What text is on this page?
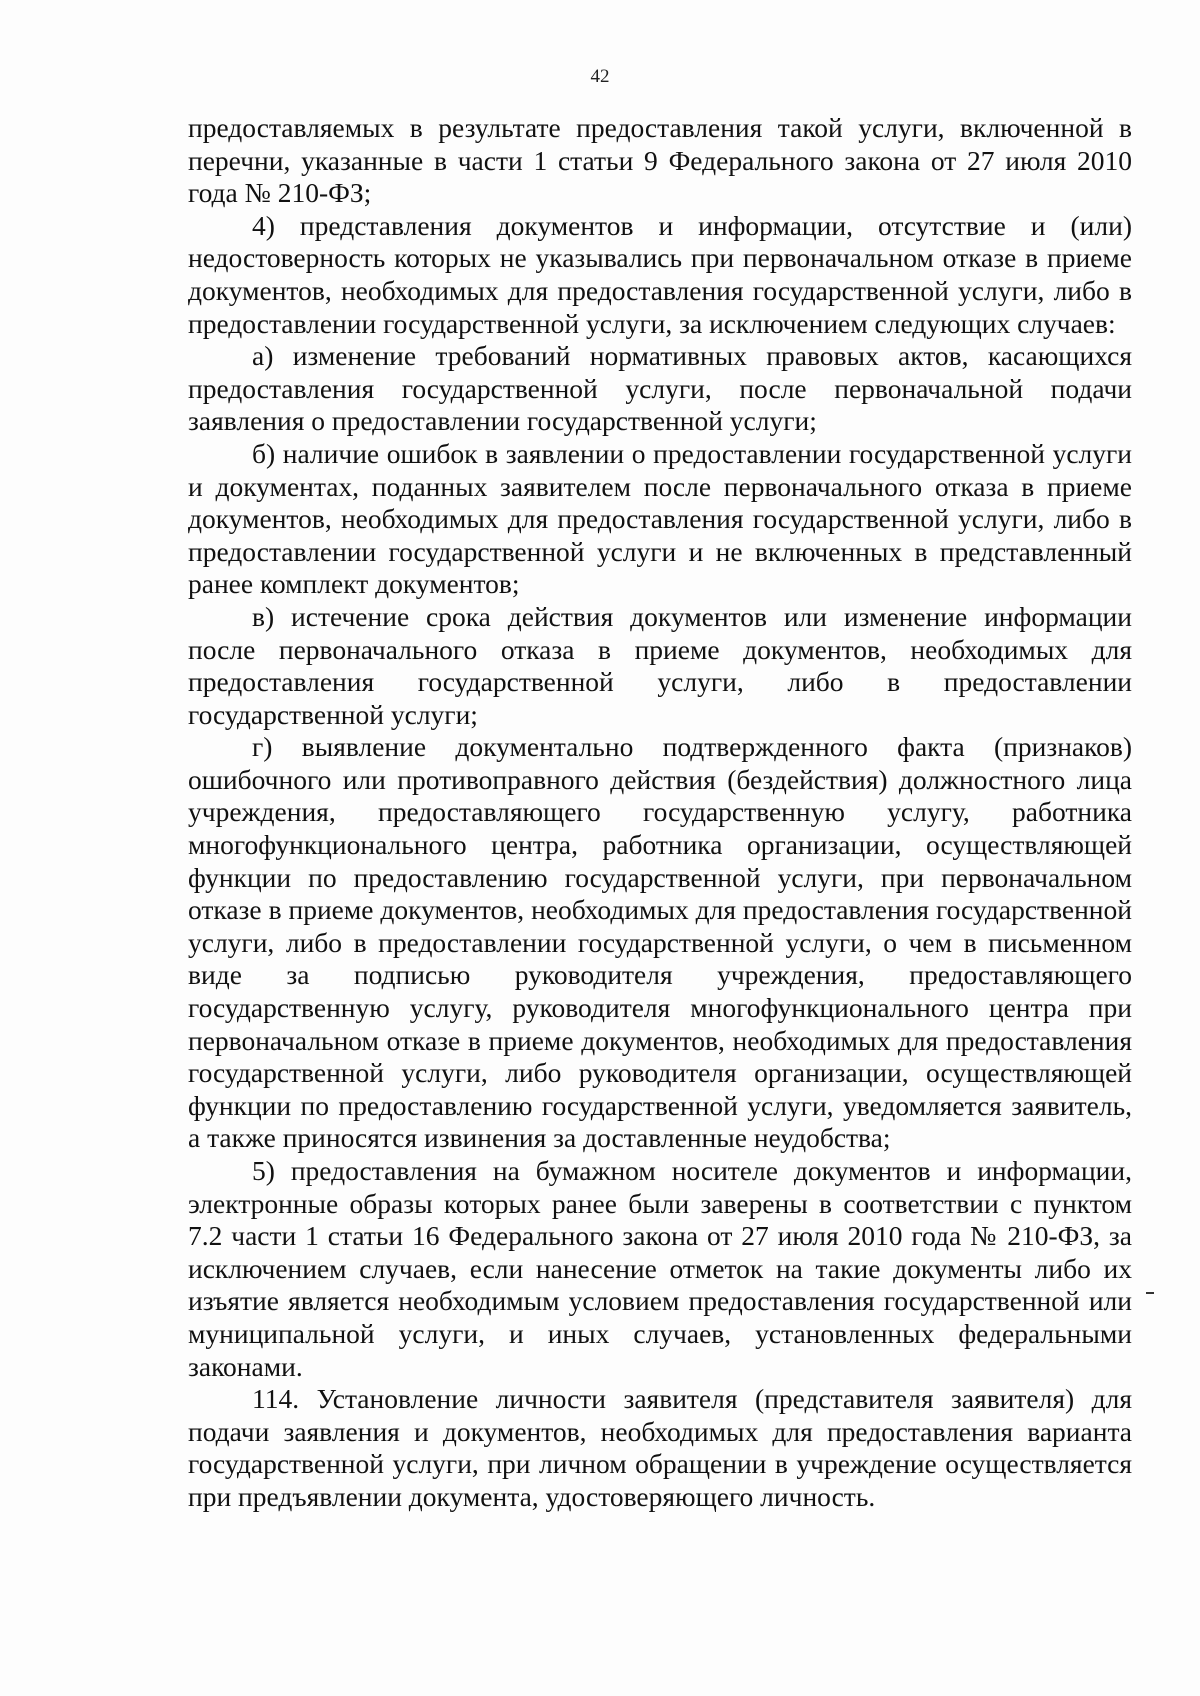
42

предоставляемых в результате предоставления такой услуги, включенной в перечни, указанные в части 1 статьи 9 Федерального закона от 27 июля 2010 года № 210-ФЗ;

4) представления документов и информации, отсутствие и (или) недостоверность которых не указывались при первоначальном отказе в приеме документов, необходимых для предоставления государственной услуги, либо в предоставлении государственной услуги, за исключением следующих случаев:

а) изменение требований нормативных правовых актов, касающихся предоставления государственной услуги, после первоначальной подачи заявления о предоставлении государственной услуги;

б) наличие ошибок в заявлении о предоставлении государственной услуги и документах, поданных заявителем после первоначального отказа в приеме документов, необходимых для предоставления государственной услуги, либо в предоставлении государственной услуги и не включенных в представленный ранее комплект документов;

в) истечение срока действия документов или изменение информации после первоначального отказа в приеме документов, необходимых для предоставления государственной услуги, либо в предоставлении государственной услуги;

г) выявление документально подтвержденного факта (признаков) ошибочного или противоправного действия (бездействия) должностного лица учреждения, предоставляющего государственную услугу, работника многофункционального центра, работника организации, осуществляющей функции по предоставлению государственной услуги, при первоначальном отказе в приеме документов, необходимых для предоставления государственной услуги, либо в предоставлении государственной услуги, о чем в письменном виде за подписью руководителя учреждения, предоставляющего государственную услугу, руководителя многофункционального центра при первоначальном отказе в приеме документов, необходимых для предоставления государственной услуги, либо руководителя организации, осуществляющей функции по предоставлению государственной услуги, уведомляется заявитель, а также приносятся извинения за доставленные неудобства;

5) предоставления на бумажном носителе документов и информации, электронные образы которых ранее были заверены в соответствии с пунктом 7.2 части 1 статьи 16 Федерального закона от 27 июля 2010 года № 210-ФЗ, за исключением случаев, если нанесение отметок на такие документы либо их изъятие является необходимым условием предоставления государственной или муниципальной услуги, и иных случаев, установленных федеральными законами.

114. Установление личности заявителя (представителя заявителя) для подачи заявления и документов, необходимых для предоставления варианта государственной услуги, при личном обращении в учреждение осуществляется при предъявлении документа, удостоверяющего личность.
